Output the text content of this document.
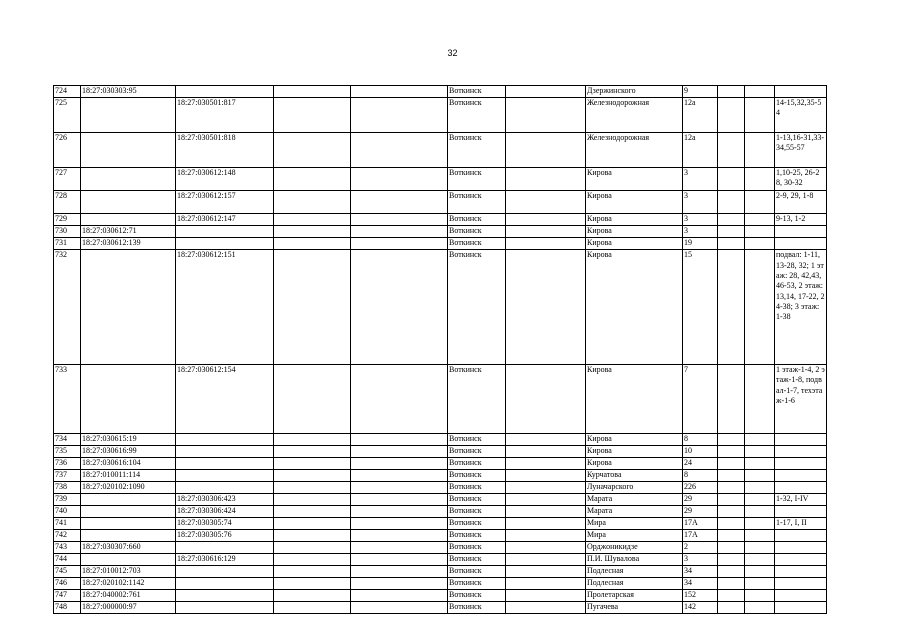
32
724	18:27:030303:95				Воткинск		Дзержинского	9			
725		18:27:030501:817			Воткинск		Железнодорожная	12а			14-15,32,35-54
726		18:27:030501:818			Воткинск		Железнодорожная	12а			1-13,16-31,33-34,55-57
727		18:27:030612:148			Воткинск		Кирова	3			1,10-25, 26-28, 30-32
728		18:27:030612:157			Воткинск		Кирова	3			2-9, 29, 1-8
729		18:27:030612:147			Воткинск		Кирова	3			9-13, 1-2
730	18:27:030612:71				Воткинск		Кирова	3			
731	18:27:030612:139				Воткинск		Кирова	19			
732		18:27:030612:151			Воткинск		Кирова	15			подвал: 1-11, 13-28, 32; 1 этаж: 28, 42,43,46-53, 2 этаж: 13,14, 17-22, 24-38; 3 этаж: 1-38
733		18:27:030612:154			Воткинск		Кирова	7			1 этаж-1-4, 2 этаж-1-8, подвал-1-7, техэтаж-1-6
734	18:27:030615:19				Воткинск		Кирова	8			
735	18:27:030616:99				Воткинск		Кирова	10			
736	18:27:030616:104				Воткинск		Кирова	24			
737	18:27:010011:114				Воткинск		Курчатова	8			
738	18:27:020102:1090				Воткинск		Луначарского	226			
739		18:27:030306:423			Воткинск		Марата	29			1-32, I-IV
740		18:27:030306:424			Воткинск		Марата	29			
741		18:27:030305:74			Воткинск		Мира	17А			1-17, I, II
742		18:27:030305:76			Воткинск		Мира	17А			
743	18:27:030307:660				Воткинск		Орджоникидзе	2			
744		18:27:030616:129			Воткинск		П.И. Шувалова	3			
745	18:27:010012:703				Воткинск		Подлесная	34			
746	18:27:020102:1142				Воткинск		Подлесная	34			
747	18:27:040002:761				Воткинск		Пролетарская	152			
748	18:27:000000:97				Воткинск		Пугачева	142			
